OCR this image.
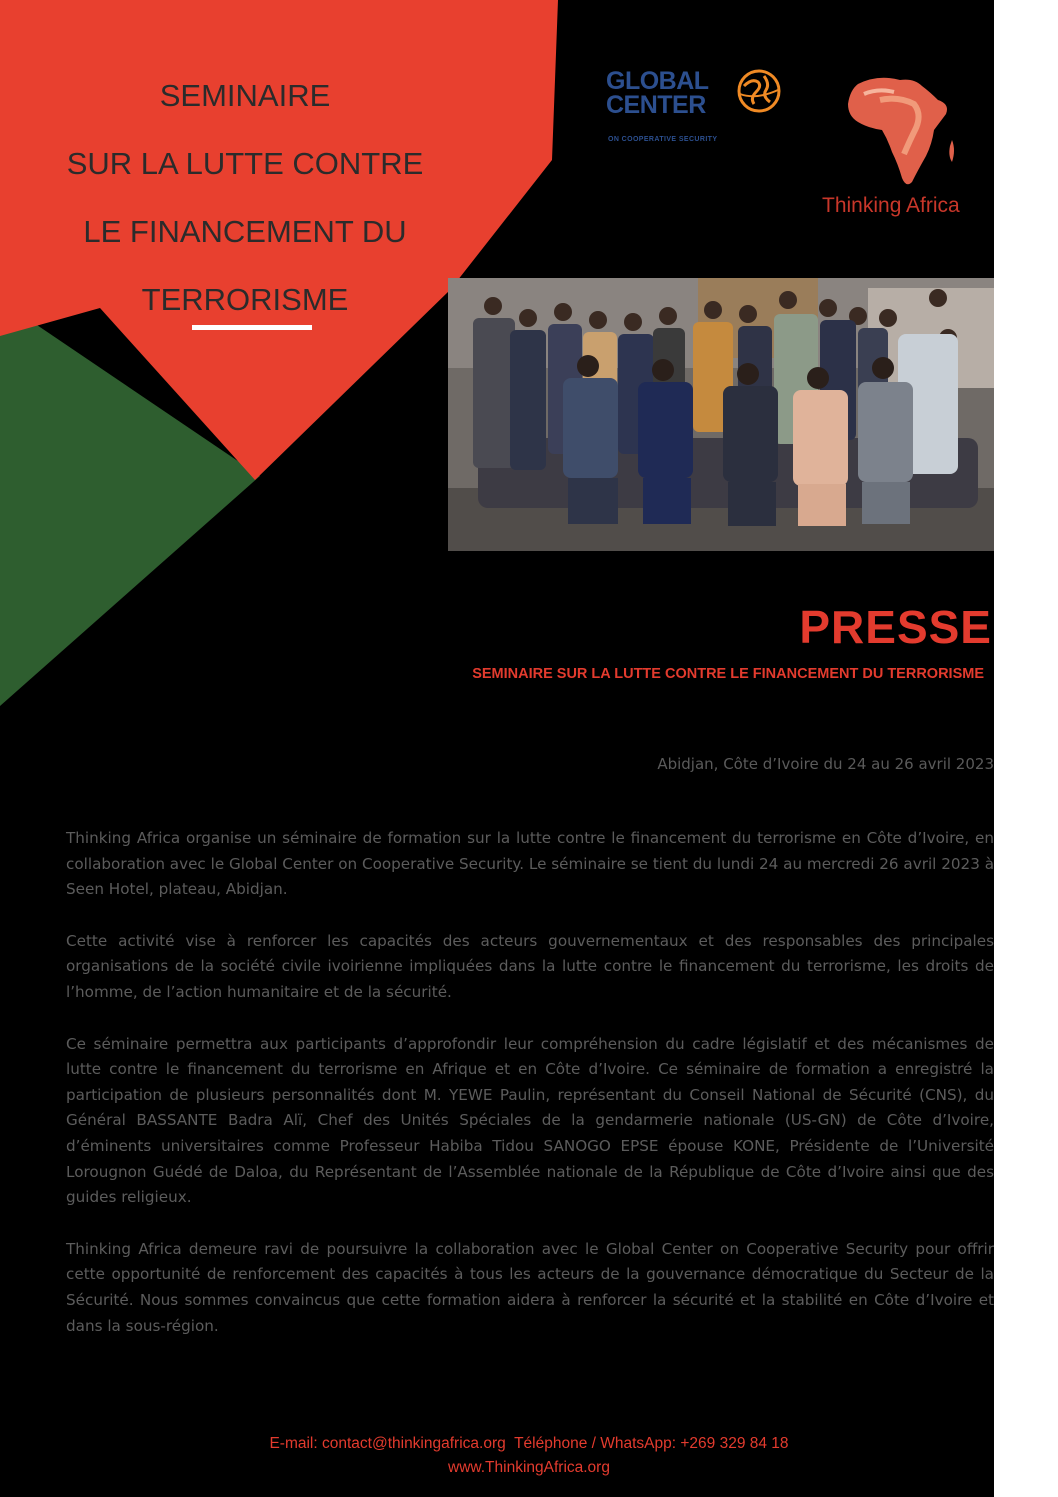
SEMINAIRE
SUR LA LUTTE CONTRE
LE FINANCEMENT DU
TERRORISME
GLOBAL
CENTER
ON COOPERATIVE SECURITY
Thinking Africa
PRESSE
SEMINAIRE SUR LA LUTTE CONTRE LE FINANCEMENT DU TERRORISME
Abidjan, Côte d’Ivoire du 24 au 26 avril 2023

Thinking Africa organise un séminaire de formation sur la lutte contre le financement du terrorisme en Côte d’Ivoire, en collaboration avec le Global Center on Cooperative Security. Le séminaire se tient du lundi 24 au mercredi 26 avril 2023 à Seen Hotel, plateau, Abidjan.

Cette activité vise à renforcer les capacités des acteurs gouvernementaux et des responsables des principales organisations de la société civile ivoirienne impliquées dans la lutte contre le financement du terrorisme, les droits de l’homme, de l’action humanitaire et de la sécurité.

Ce séminaire permettra aux participants d’approfondir leur compréhension du cadre législatif et des mécanismes de lutte contre le financement du terrorisme en Afrique et en Côte d’Ivoire. Ce séminaire de formation a enregistré la participation de plusieurs personnalités dont M. YEWE Paulin, représentant du Conseil National de Sécurité (CNS), du Général BASSANTE Badra Alï, Chef des Unités Spéciales de la gendarmerie nationale (US-GN) de Côte d’Ivoire, d’éminents universitaires comme Professeur Habiba Tidou SANOGO EPSE épouse KONE, Présidente de l’Université Lorougnon Guédé de Daloa, du Représentant de l’Assemblée nationale de la République de Côte d’Ivoire ainsi que des guides religieux.

Thinking Africa demeure ravi de poursuivre la collaboration avec le Global Center on Cooperative Security pour offrir cette opportunité de renforcement des capacités à tous les acteurs de la gouvernance démocratique du Secteur de la Sécurité. Nous sommes convaincus que cette formation aidera à renforcer la sécurité et la stabilité en Côte d’Ivoire et dans la sous-région.

E-mail: contact@thinkingafrica.org  Téléphone / WhatsApp: +269 329 84 18
www.ThinkingAfrica.org
